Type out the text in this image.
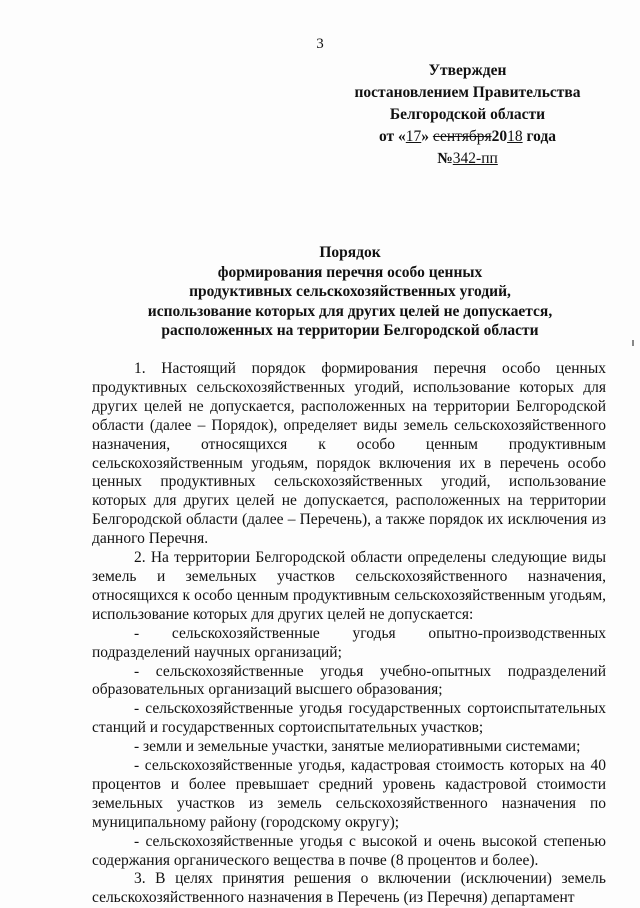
3
Утвержден
постановлением Правительства
Белгородской области
от «17» сентября2018 года
№342-пп
Порядок
формирования перечня особо ценных
продуктивных сельскохозяйственных угодий,
использование которых для других целей не допускается,
расположенных на территории Белгородской области

1. Настоящий порядок формирования перечня особо ценных продуктивных сельскохозяйственных угодий, использование которых для других целей не допускается, расположенных на территории Белгородской области (далее – Порядок), определяет виды земель сельскохозяйственного назначения, относящихся к особо ценным продуктивным сельскохозяйственным угодьям, порядок включения их в перечень особо ценных продуктивных сельскохозяйственных угодий, использование которых для других целей не допускается, расположенных на территории Белгородской области (далее – Перечень), а также порядок их исключения из данного Перечня.

2. На территории Белгородской области определены следующие виды земель и земельных участков сельскохозяйственного назначения, относящихся к особо ценным продуктивным сельскохозяйственным угодьям, использование которых для других целей не допускается:

- сельскохозяйственные угодья опытно-производственных подразделений научных организаций;

- сельскохозяйственные угодья учебно-опытных подразделений образовательных организаций высшего образования;

- сельскохозяйственные угодья государственных сортоиспытательных станций и государственных сортоиспытательных участков;

- земли и земельные участки, занятые мелиоративными системами;

- сельскохозяйственные угодья, кадастровая стоимость которых на 40 процентов и более превышает средний уровень кадастровой стоимости земельных участков из земель сельскохозяйственного назначения по муниципальному району (городскому округу);

- сельскохозяйственные угодья с высокой и очень высокой степенью содержания органического вещества в почве (8 процентов и более).

3. В целях принятия решения о включении (исключении) земель сельскохозяйственного назначения в Перечень (из Перечня) департамент
